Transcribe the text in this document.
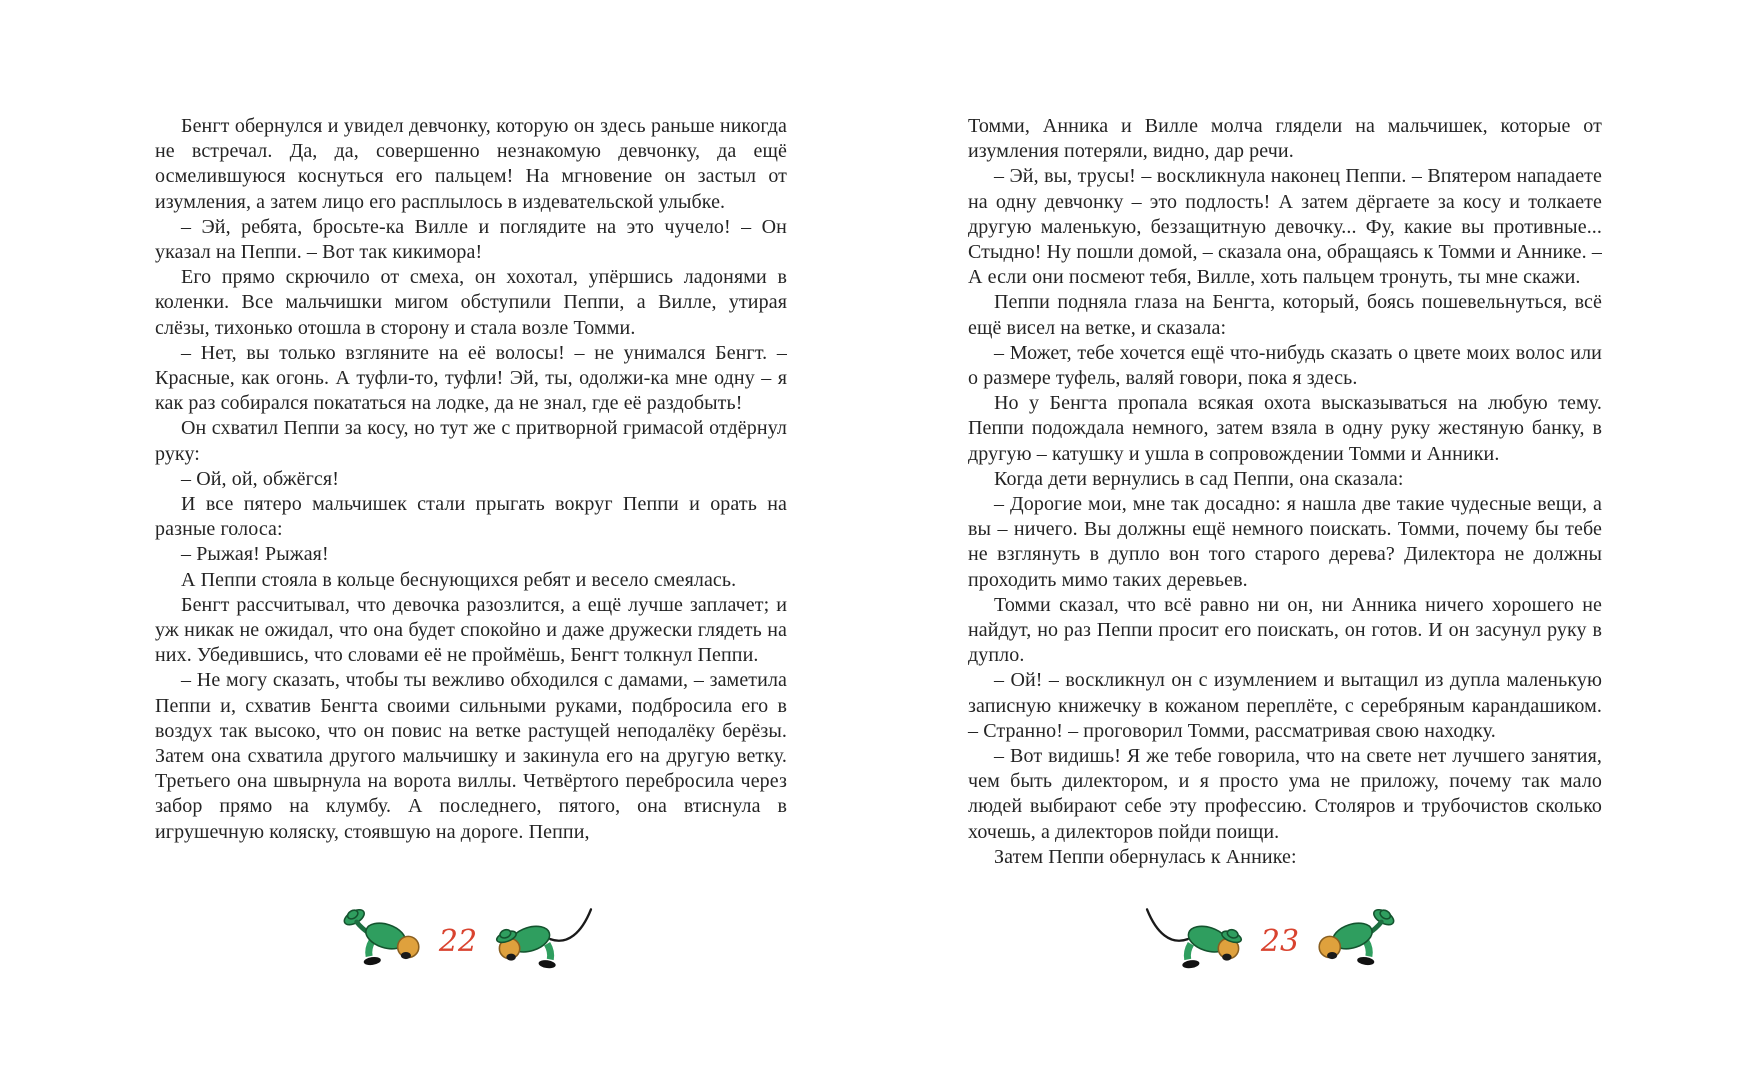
Бенгт обернулся и увидел девчонку, которую он здесь раньше никогда не встречал. Да, да, совершенно незнакомую девчонку, да ещё осмелившуюся коснуться его пальцем! На мгновение он застыл от изумления, а затем лицо его расплылось в издевательской улыбке.

– Эй, ребята, бросьте-ка Вилле и поглядите на это чучело! – Он указал на Пеппи. – Вот так кикимора!

Его прямо скрючило от смеха, он хохотал, упёршись ладонями в коленки. Все мальчишки мигом обступили Пеппи, а Вилле, утирая слёзы, тихонько отошла в сторону и стала возле Томми.

– Нет, вы только взгляните на её волосы! – не унимался Бенгт. – Красные, как огонь. А туфли-то, туфли! Эй, ты, одолжи-ка мне одну – я как раз собирался покататься на лодке, да не знал, где её раздобыть!

Он схватил Пеппи за косу, но тут же с притворной гримасой отдёрнул руку:

– Ой, ой, обжёгся!

И все пятеро мальчишек стали прыгать вокруг Пеппи и орать на разные голоса:

– Рыжая! Рыжая!

А Пеппи стояла в кольце беснующихся ребят и весело смеялась.

Бенгт рассчитывал, что девочка разозлится, а ещё лучше заплачет; и уж никак не ожидал, что она будет спокойно и даже дружески глядеть на них. Убедившись, что словами её не проймёшь, Бенгт толкнул Пеппи.

– Не могу сказать, чтобы ты вежливо обходился с дамами, – заметила Пеппи и, схватив Бенгта своими сильными руками, подбросила его в воздух так высоко, что он повис на ветке растущей неподалёку берёзы. Затем она схватила другого мальчишку и закинула его на другую ветку. Третьего она швырнула на ворота виллы. Четвёртого перебросила через забор прямо на клумбу. А последнего, пятого, она втиснула в игрушечную коляску, стоявшую на дороге. Пеппи,

Томми, Анника и Вилле молча глядели на мальчишек, которые от изумления потеряли, видно, дар речи.

– Эй, вы, трусы! – воскликнула наконец Пеппи. – Впятером нападаете на одну девчонку – это подлость! А затем дёргаете за косу и толкаете другую маленькую, беззащитную девочку... Фу, какие вы противные... Стыдно! Ну пошли домой, – сказала она, обращаясь к Томми и Аннике. – А если они посмеют тебя, Вилле, хоть пальцем тронуть, ты мне скажи.

Пеппи подняла глаза на Бенгта, который, боясь пошевельнуться, всё ещё висел на ветке, и сказала:

– Может, тебе хочется ещё что-нибудь сказать о цвете моих волос или о размере туфель, валяй говори, пока я здесь.

Но у Бенгта пропала всякая охота высказываться на любую тему. Пеппи подождала немного, затем взяла в одну руку жестяную банку, в другую – катушку и ушла в сопровождении Томми и Анники.

Когда дети вернулись в сад Пеппи, она сказала:

– Дорогие мои, мне так досадно: я нашла две такие чудесные вещи, а вы – ничего. Вы должны ещё немного поискать. Томми, почему бы тебе не взглянуть в дупло вон того старого дерева? Дилектора не должны проходить мимо таких деревьев.

Томми сказал, что всё равно ни он, ни Анника ничего хорошего не найдут, но раз Пеппи просит его поискать, он готов. И он засунул руку в дупло.

– Ой! – воскликнул он с изумлением и вытащил из дупла маленькую записную книжечку в кожаном переплёте, с серебряным карандашиком. – Странно! – проговорил Томми, рассматривая свою находку.

– Вот видишь! Я же тебе говорила, что на свете нет лучшего занятия, чем быть дилектором, и я просто ума не приложу, почему так мало людей выбирают себе эту профессию. Столяров и трубочистов сколько хочешь, а дилекторов пойди поищи.

Затем Пеппи обернулась к Аннике:

22	23
